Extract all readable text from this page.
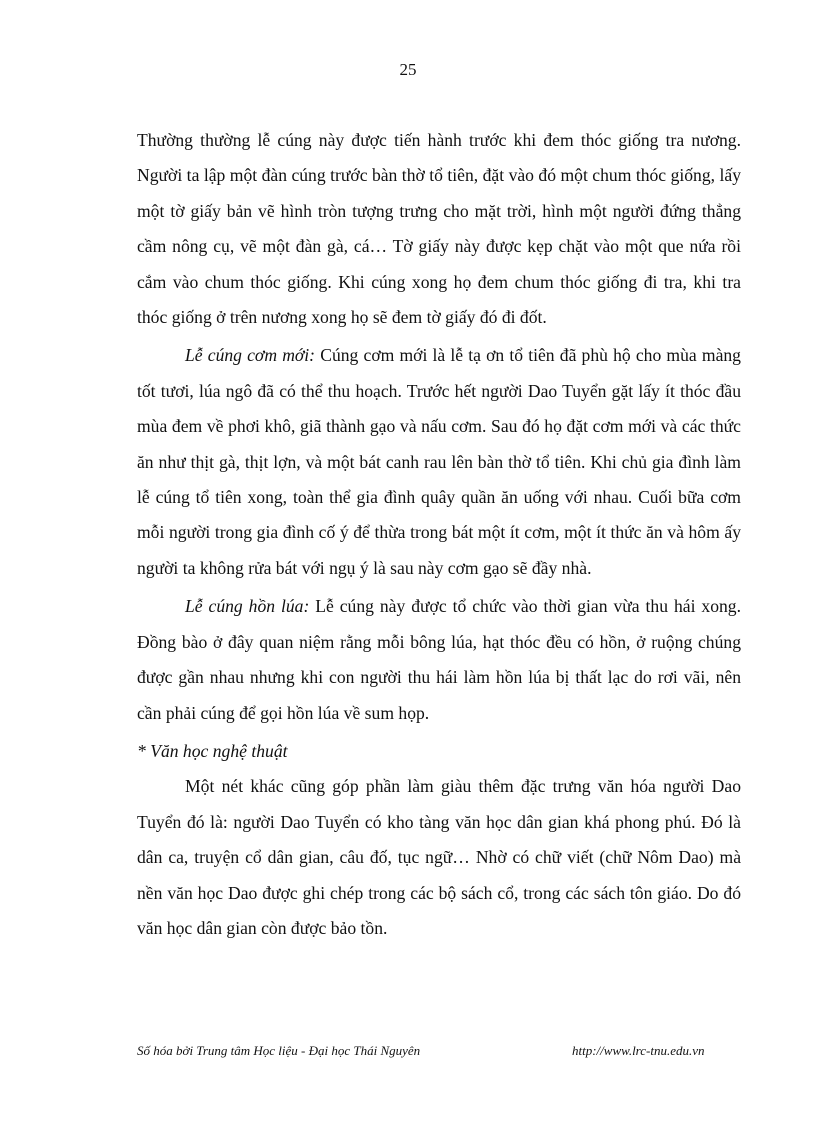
25

Thường thường lễ cúng này được tiến hành trước khi đem thóc giống tra nương. Người ta lập một đàn cúng trước bàn thờ tổ tiên, đặt vào đó một chum thóc giống, lấy một tờ giấy bản vẽ hình tròn tượng trưng cho mặt trời, hình một người đứng thẳng cầm nông cụ, vẽ một đàn gà, cá… Tờ giấy này được kẹp chặt vào một que nứa rồi cắm vào chum thóc giống. Khi cúng xong họ đem chum thóc giống đi tra, khi tra thóc giống ở trên nương xong họ sẽ đem tờ giấy đó đi đốt.

Lễ cúng cơm mới: Cúng cơm mới là lễ tạ ơn tổ tiên đã phù hộ cho mùa màng tốt tươi, lúa ngô đã có thể thu hoạch. Trước hết người Dao Tuyển gặt lấy ít thóc đầu mùa đem về phơi khô, giã thành gạo và nấu cơm. Sau đó họ đặt cơm mới và các thức ăn như thịt gà, thịt lợn, và một bát canh rau lên bàn thờ tổ tiên. Khi chủ gia đình làm lễ cúng tổ tiên xong, toàn thể gia đình quây quần ăn uống với nhau. Cuối bữa cơm mỗi người trong gia đình cố ý để thừa trong bát một ít cơm, một ít thức ăn và hôm ấy người ta không rửa bát với ngụ ý là sau này cơm gạo sẽ đầy nhà.

Lễ cúng hồn lúa: Lễ cúng này được tổ chức vào thời gian vừa thu hái xong. Đồng bào ở đây quan niệm rằng mỗi bông lúa, hạt thóc đều có hồn, ở ruộng chúng được gần nhau nhưng khi con người thu hái làm hồn lúa bị thất lạc do rơi vãi, nên cần phải cúng để gọi hồn lúa về sum họp.

* Văn học nghệ thuật

Một nét khác cũng góp phần làm giàu thêm đặc trưng văn hóa người Dao Tuyển đó là: người Dao Tuyển có kho tàng văn học dân gian khá phong phú. Đó là dân ca, truyện cổ dân gian, câu đố, tục ngữ… Nhờ có chữ viết (chữ Nôm Dao) mà nền văn học Dao được ghi chép trong các bộ sách cổ, trong các sách tôn giáo. Do đó văn học dân gian còn được bảo tồn.

Số hóa bởi Trung tâm Học liệu - Đại học Thái Nguyên	http://www.lrc-tnu.edu.vn
